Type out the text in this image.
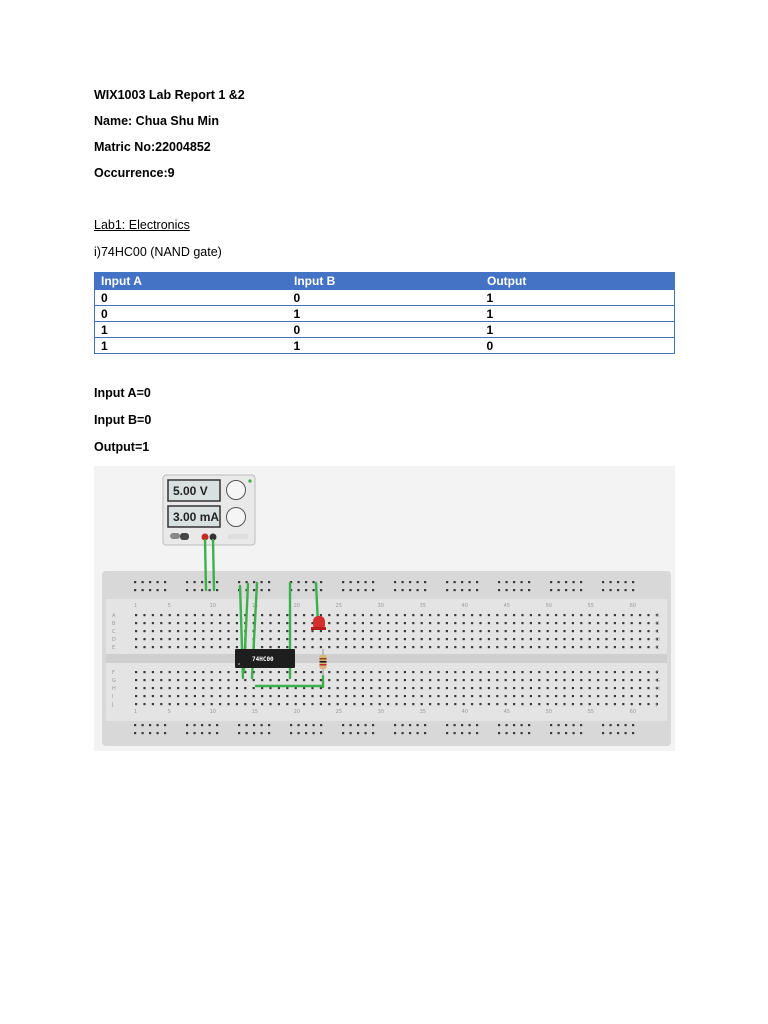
WIX1003 Lab Report 1 &2
Name: Chua Shu Min
Matric No:22004852
Occurrence:9
Lab1: Electronics
i)74HC00 (NAND gate)
Input A	Input B	Output
0	0	1
0	1	1
1	0	1
1	1	0
Input A=0
Input B=0
Output=1
5.00 V
3.00 mA
1
1
5
5
10
10
15
15
20
20
25
25
30
30
35
35
40
40
45
45
50
50
55
55
60
60
A	A
B	B
C	C
D	D
E	E
F	F
G	G
H	H
I	I
J	J
74HC00
